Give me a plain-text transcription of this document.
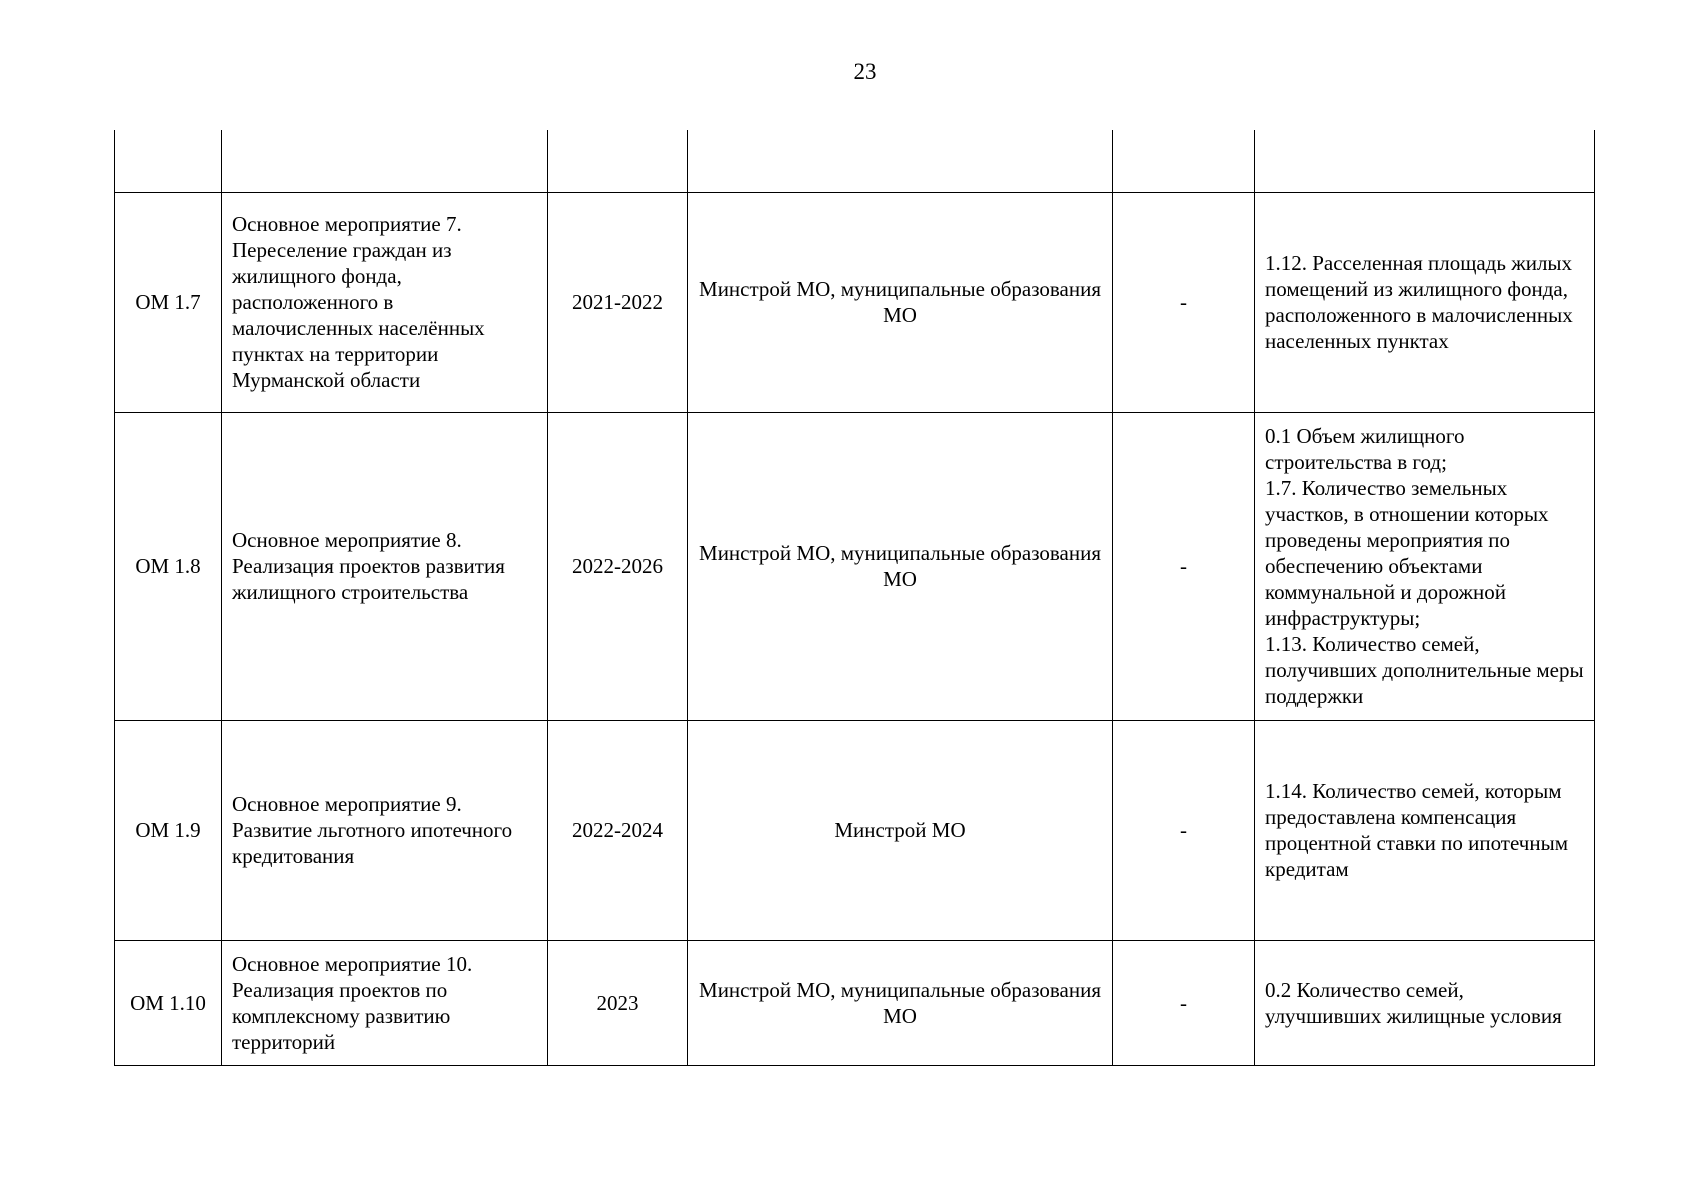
23

ОМ 1.7	Основное мероприятие 7. Переселение граждан из жилищного фонда, расположенного в малочисленных населённых пунктах на территории Мурманской области	2021-2022	Минстрой МО, муниципальные образования МО	-	1.12. Расселенная площадь жилых помещений из жилищного фонда, расположенного в малочисленных населенных пунктах

ОМ 1.8	Основное мероприятие 8. Реализация проектов развития жилищного строительства	2022-2026	Минстрой МО, муниципальные образования МО	-	0.1 Объем жилищного строительства в год;
1.7. Количество земельных участков, в отношении которых проведены мероприятия по обеспечению объектами коммунальной и дорожной инфраструктуры;
1.13. Количество семей, получивших дополнительные меры поддержки

ОМ 1.9	Основное мероприятие 9. Развитие льготного ипотечного кредитования	2022-2024	Минстрой МО	-	1.14. Количество семей, которым предоставлена компенсация процентной ставки по ипотечным кредитам

ОМ 1.10	Основное мероприятие 10. Реализация проектов по комплексному развитию территорий	2023	Минстрой МО, муниципальные образования МО	-	0.2 Количество семей, улучшивших жилищные условия
